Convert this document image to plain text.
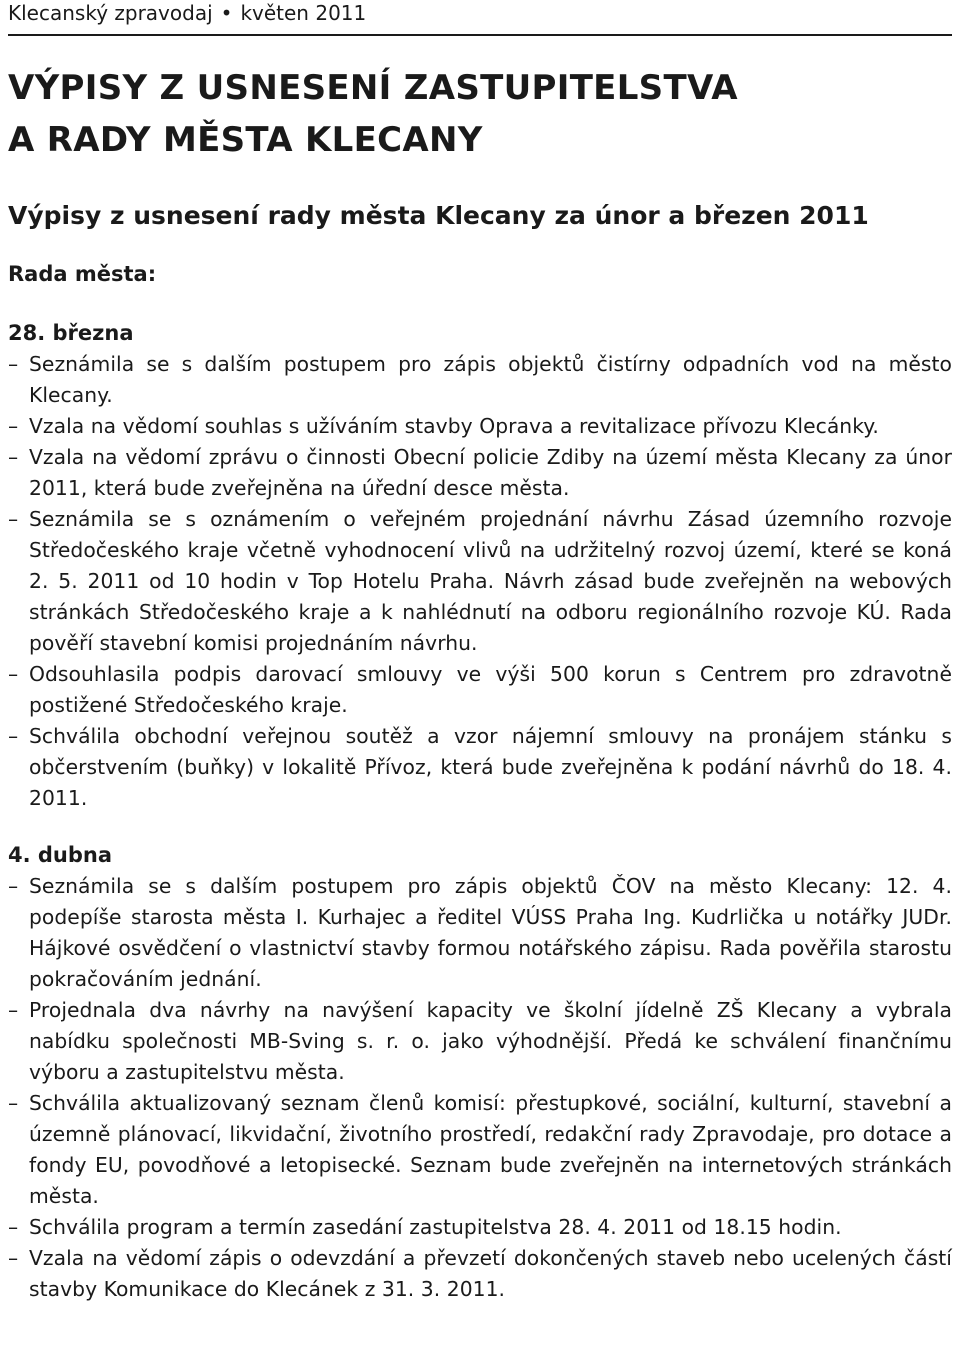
Klecanský zpravodaj • květen 2011
VÝPISY Z USNESENÍ ZASTUPITELSTVA
A RADY MĚSTA KLECANY
Výpisy z usnesení rady města Klecany za únor a březen 2011
Rada města:
28. března
– Seznámila se s dalším postupem pro zápis objektů čistírny odpadních vod na město Klecany.
– Vzala na vědomí souhlas s užíváním stavby Oprava a revitalizace přívozu Klecánky.
– Vzala na vědomí zprávu o činnosti Obecní policie Zdiby na území města Klecany za únor 2011, která bude zveřejněna na úřední desce města.
– Seznámila se s oznámením o veřejném projednání návrhu Zásad územního rozvoje Středočeského kraje včetně vyhodnocení vlivů na udržitelný rozvoj území, které se koná 2. 5. 2011 od 10 hodin v Top Hotelu Praha. Návrh zásad bude zveřejněn na webových stránkách Středočeského kraje a k nahlédnutí na odboru regionálního rozvoje KÚ. Rada pověří stavební komisi projednáním návrhu.
– Odsouhlasila podpis darovací smlouvy ve výši 500 korun s Centrem pro zdravotně postižené Středočeského kraje.
– Schválila obchodní veřejnou soutěž a vzor nájemní smlouvy na pronájem stánku s občerstvením (buňky) v lokalitě Přívoz, která bude zveřejněna k podání návrhů do 18. 4. 2011.
4. dubna
– Seznámila se s dalším postupem pro zápis objektů ČOV na město Klecany: 12. 4. podepíše starosta města I. Kurhajec a ředitel VÚSS Praha Ing. Kudrlička u notářky JUDr. Hájkové osvědčení o vlastnictví stavby formou notářského zápisu. Rada pověřila starostu pokračováním jednání.
– Projednala dva návrhy na navýšení kapacity ve školní jídelně ZŠ Klecany a vybrala nabídku společnosti MB-Sving s. r. o. jako výhodnější. Předá ke schválení finančnímu výboru a zastupitelstvu města.
– Schválila aktualizovaný seznam členů komisí: přestupkové, sociální, kulturní, stavební a územně plánovací, likvidační, životního prostředí, redakční rady Zpravodaje, pro dotace a fondy EU, povodňové a letopisecké. Seznam bude zveřejněn na internetových stránkách města.
– Schválila program a termín zasedání zastupitelstva 28. 4. 2011 od 18.15 hodin.
– Vzala na vědomí zápis o odevzdání a převzetí dokončených staveb nebo ucelených částí stavby Komunikace do Klecánek z 31. 3. 2011.
